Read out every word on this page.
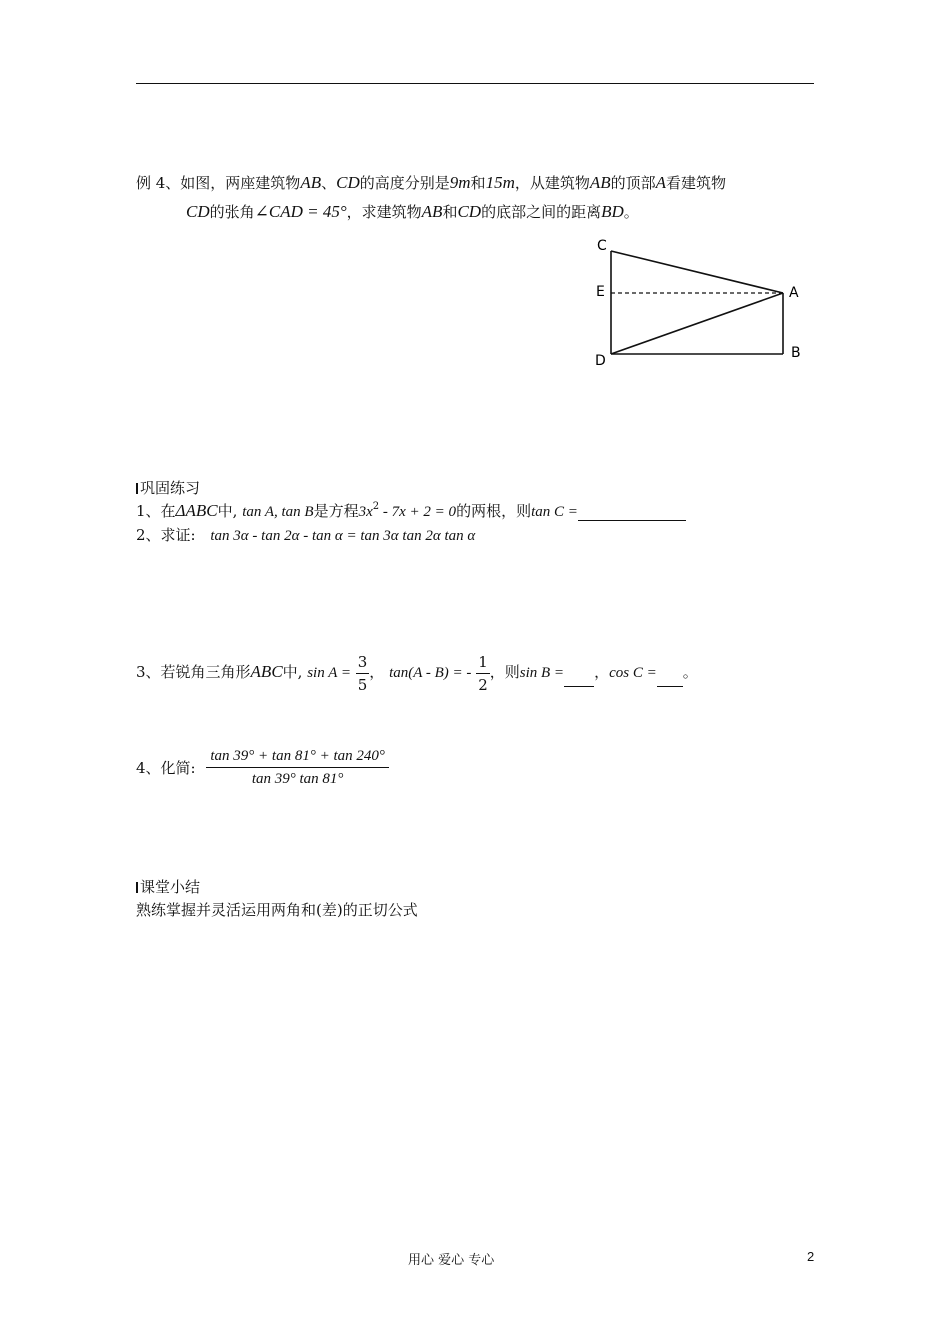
例 4、如图，两座建筑物AB、CD的高度分别是9m和15m，从建筑物AB的顶部A看建筑物
CD的张角∠CAD = 45°，求建筑物AB和CD的底部之间的距离BD。
C
E	A
D	B
巩固练习
1、在ΔABC中, tan A, tan B是方程$3x^2 - 7x + 2 = 0$的两根，则tan C =
2、求证: tan 3α - tan 2α - tan α = tan 3α tan 2α tan α
3、若锐角三角形ABC中, $\sin A = \frac{3}{5}$ ， tan(A - B) = - $\frac{1}{2}$ ，则sin B = ，cos C = 。
4、化简: $\frac{\tan 39^\circ + \tan 81^\circ + \tan 240^\circ}{\tan 39^\circ \tan 81^\circ}$
课堂小结
熟练掌握并灵活运用两角和(差)的正切公式
用心 爱心 专心	2
